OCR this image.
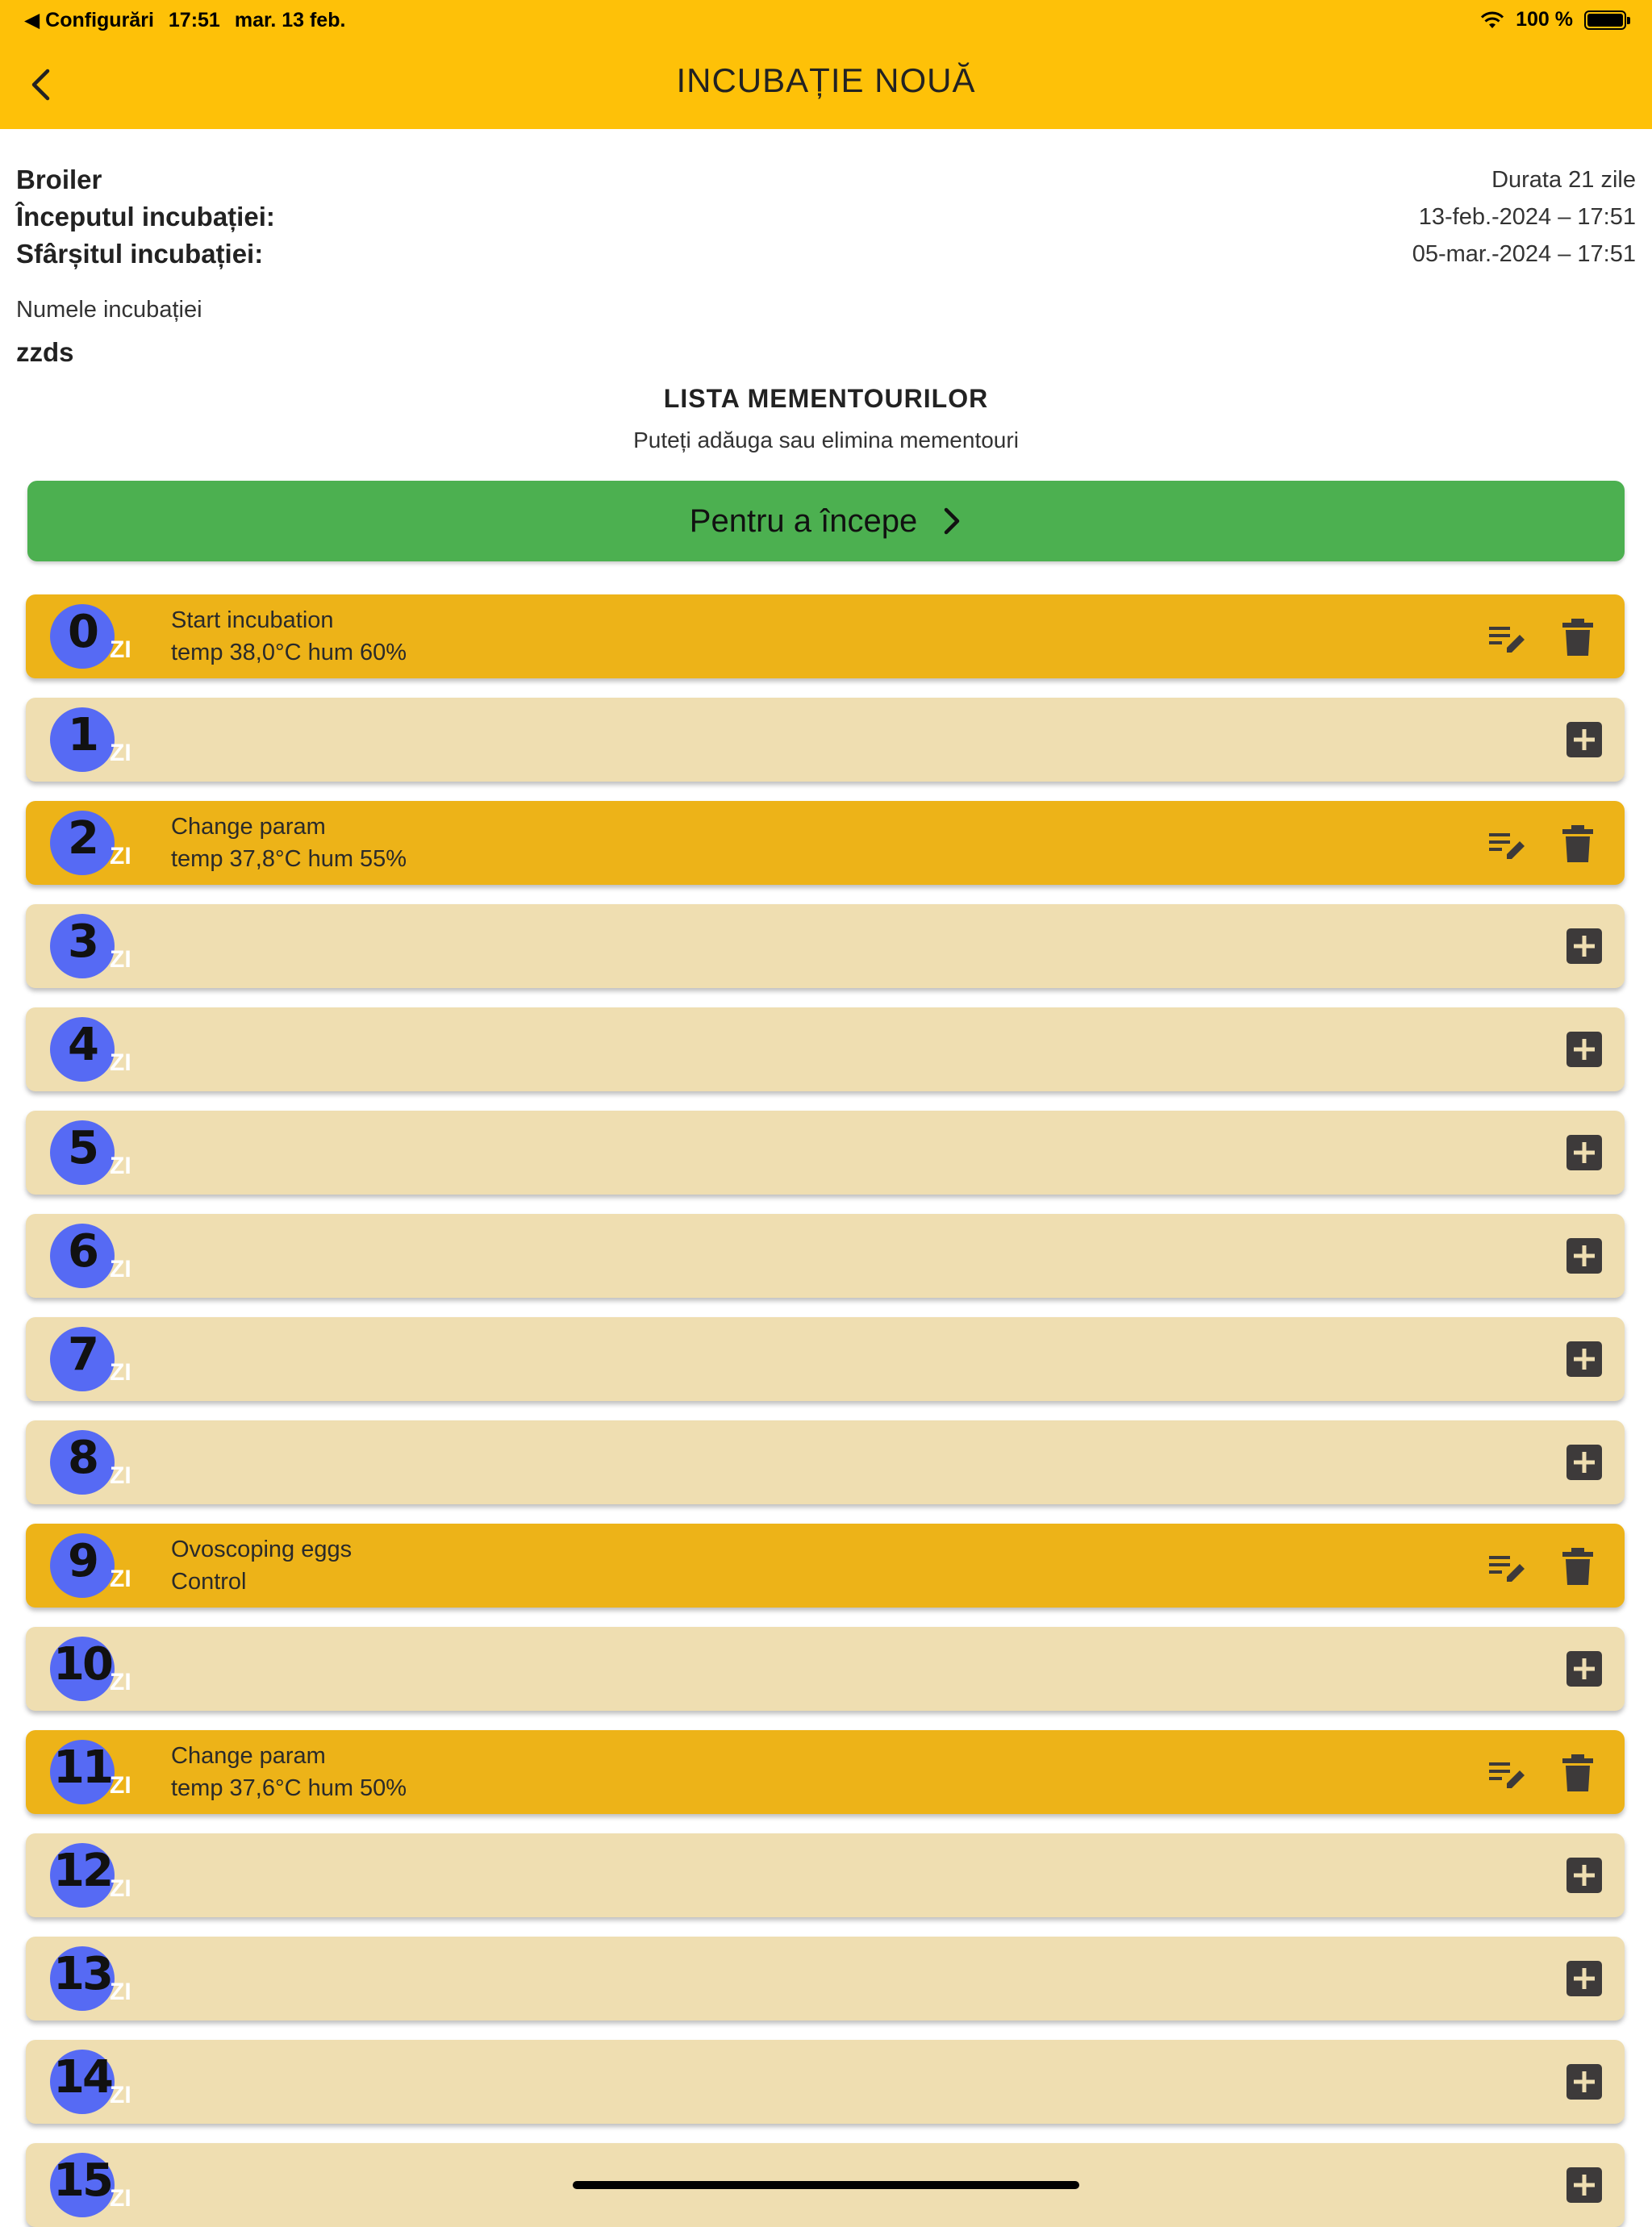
◀ Configurări 17:51 mar. 13 feb.	100 %
INCUBAȚIE NOUĂ
Broiler	Durata 21 zile
Începutul incubației:	13-feb.-2024 – 17:51
Sfârșitul incubației:	05-mar.-2024 – 17:51
Numele incubației
zzds
LISTA MEMENTOURILOR
Puteți adăuga sau elimina mementouri
Pentru a începe
0 ZI
Start incubation
temp 38,0°C hum 60%
1 ZI
2 ZI
Change param
temp 37,8°C hum 55%
3 ZI
4 ZI
5 ZI
6 ZI
7 ZI
8 ZI
9 ZI
Ovoscoping eggs
Control
10
ZI
11
ZI
Change param
temp 37,6°C hum 50%
12
ZI
13
ZI
14
ZI
15
ZI
